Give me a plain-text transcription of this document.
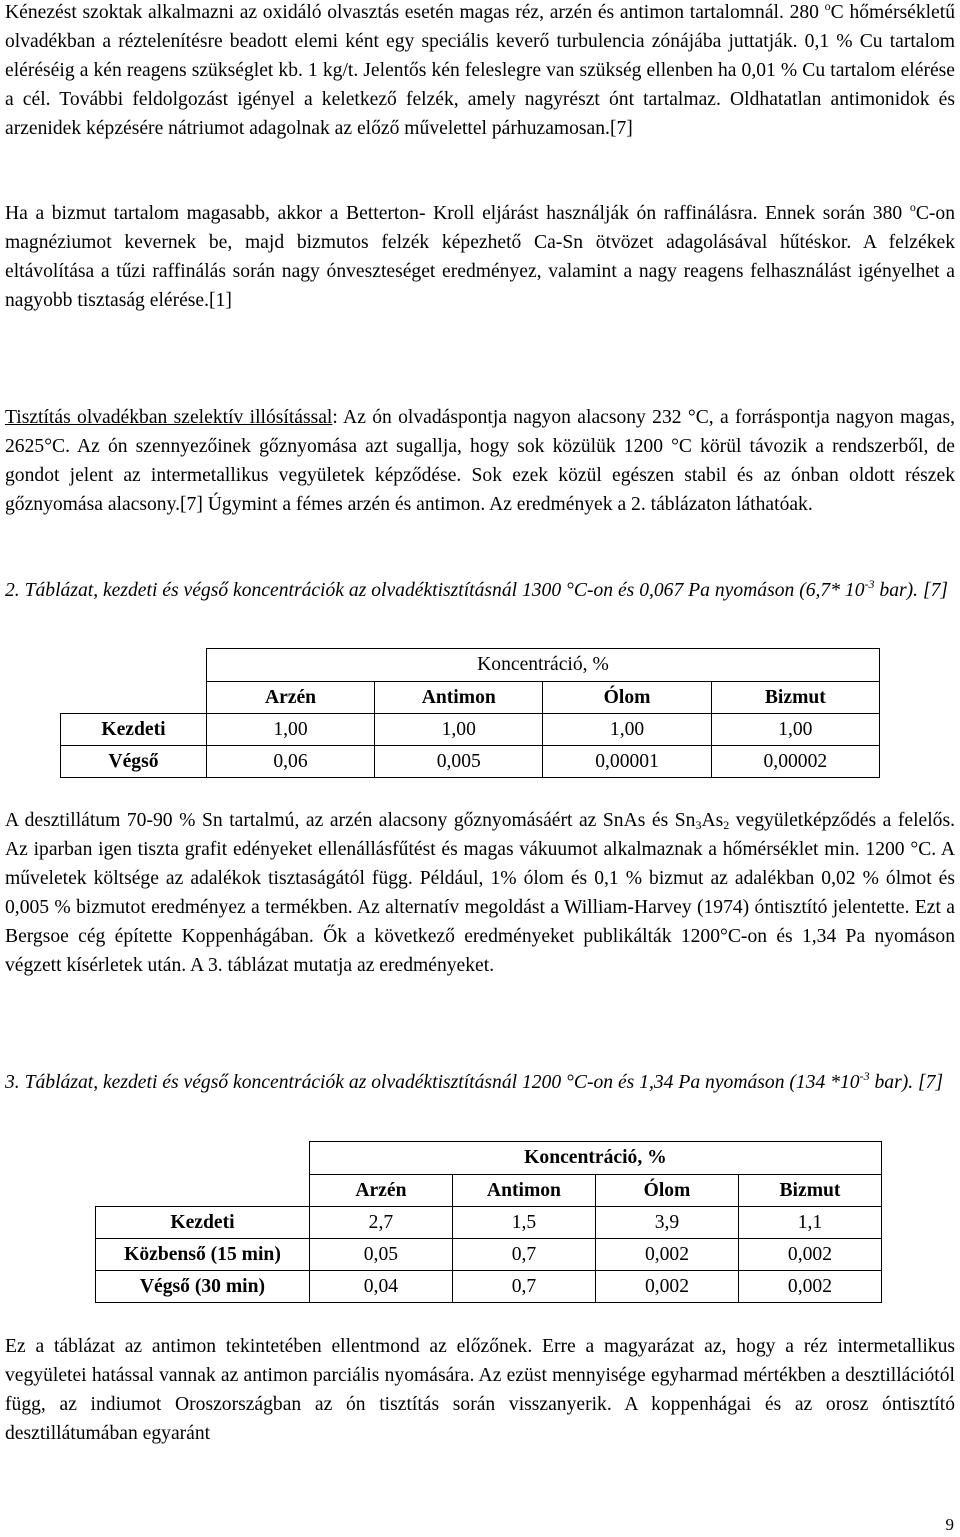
Kénezést szoktak alkalmazni az oxidáló olvasztás esetén magas réz, arzén és antimon tartalomnál. 280 $^o$C hőmérsékletű olvadékban a réztelenítésre beadott elemi ként egy speciális keverő turbulencia zónájába juttatják. 0,1 % Cu tartalom eléréséig a kén reagens szükséglet kb. 1 kg/t. Jelentős kén feleslegre van szükség ellenben ha 0,01 % Cu tartalom elérése a cél. További feldolgozást igényel a keletkező felzék, amely nagyrészt ónt tartalmaz. Oldhatatlan antimonidok és arzenidek képzésére nátriumot adagolnak az előző művelettel párhuzamosan.[7]

Ha a bizmut tartalom magasabb, akkor a Betterton- Kroll eljárást használják ón raffinálásra. Ennek során 380 $^o$C-on magnéziumot kevernek be, majd bizmutos felzék képezhető Ca-Sn ötvözet adagolásával hűtéskor. A felzékek eltávolítása a tűzi raffinálás során nagy ónveszteséget eredményez, valamint a nagy reagens felhasználást igényelhet a nagyobb tisztaság elérése.[1]

Tisztítás olvadékban szelektív illósítással: Az ón olvadáspontja nagyon alacsony 232 °C, a forráspontja nagyon magas, 2625°C. Az ón szennyezőinek gőznyomása azt sugallja, hogy sok közülük 1200 °C körül távozik a rendszerből, de gondot jelent az intermetallikus vegyületek képződése. Sok ezek közül egészen stabil és az ónban oldott részek gőznyomása alacsony.[7] Úgymint a fémes arzén és antimon. Az eredmények a 2. táblázaton láthatóak.

2. Táblázat, kezdeti és végső koncentrációk az olvadéktisztításnál 1300 °C-on és 0,067 Pa nyomáson (6,7* $10^{-3}$ bar). [7]

	Koncentráció, %			
	Arzén	Antimon	Ólom	Bizmut
Kezdeti	1,00	1,00	1,00	1,00
Végső	0,06	0,005	0,00001	0,00002

A desztillátum 70-90 % Sn tartalmú, az arzén alacsony gőznyomásáért az SnAs és $Sn_3As_2$ vegyületképződés a felelős. Az iparban igen tiszta grafit edényeket ellenállásfűtést és magas vákuumot alkalmaznak a hőmérséklet min. 1200 °C. A műveletek költsége az adalékok tisztaságától függ. Például, 1% ólom és 0,1 % bizmut az adalékban 0,02 % ólmot és 0,005 % bizmutot eredményez a termékben. Az alternatív megoldást a William-Harvey (1974) óntisztító jelentette. Ezt a Bergsoe cég építette Koppenhágában. Ők a következő eredményeket publikálták 1200°C-on és 1,34 Pa nyomáson végzett kísérletek után. A 3. táblázat mutatja az eredményeket.

3. Táblázat, kezdeti és végső koncentrációk az olvadéktisztításnál 1200 °C-on és 1,34 Pa nyomáson (134 $*10^{-3}$ bar). [7]

	Koncentráció, %			
	Arzén	Antimon	Ólom	Bizmut
Kezdeti	2,7	1,5	3,9	1,1
Közbenső (15 min)	0,05	0,7	0,002	0,002
Végső (30 min)	0,04	0,7	0,002	0,002

Ez a táblázat az antimon tekintetében ellentmond az előzőnek. Erre a magyarázat az, hogy a réz intermetallikus vegyületei hatással vannak az antimon parciális nyomására. Az ezüst mennyisége egyharmad mértékben a desztillációtól függ, az indiumot Oroszországban az ón tisztítás során visszanyerik. A koppenhágai és az orosz óntisztító desztillátumában egyaránt

9
